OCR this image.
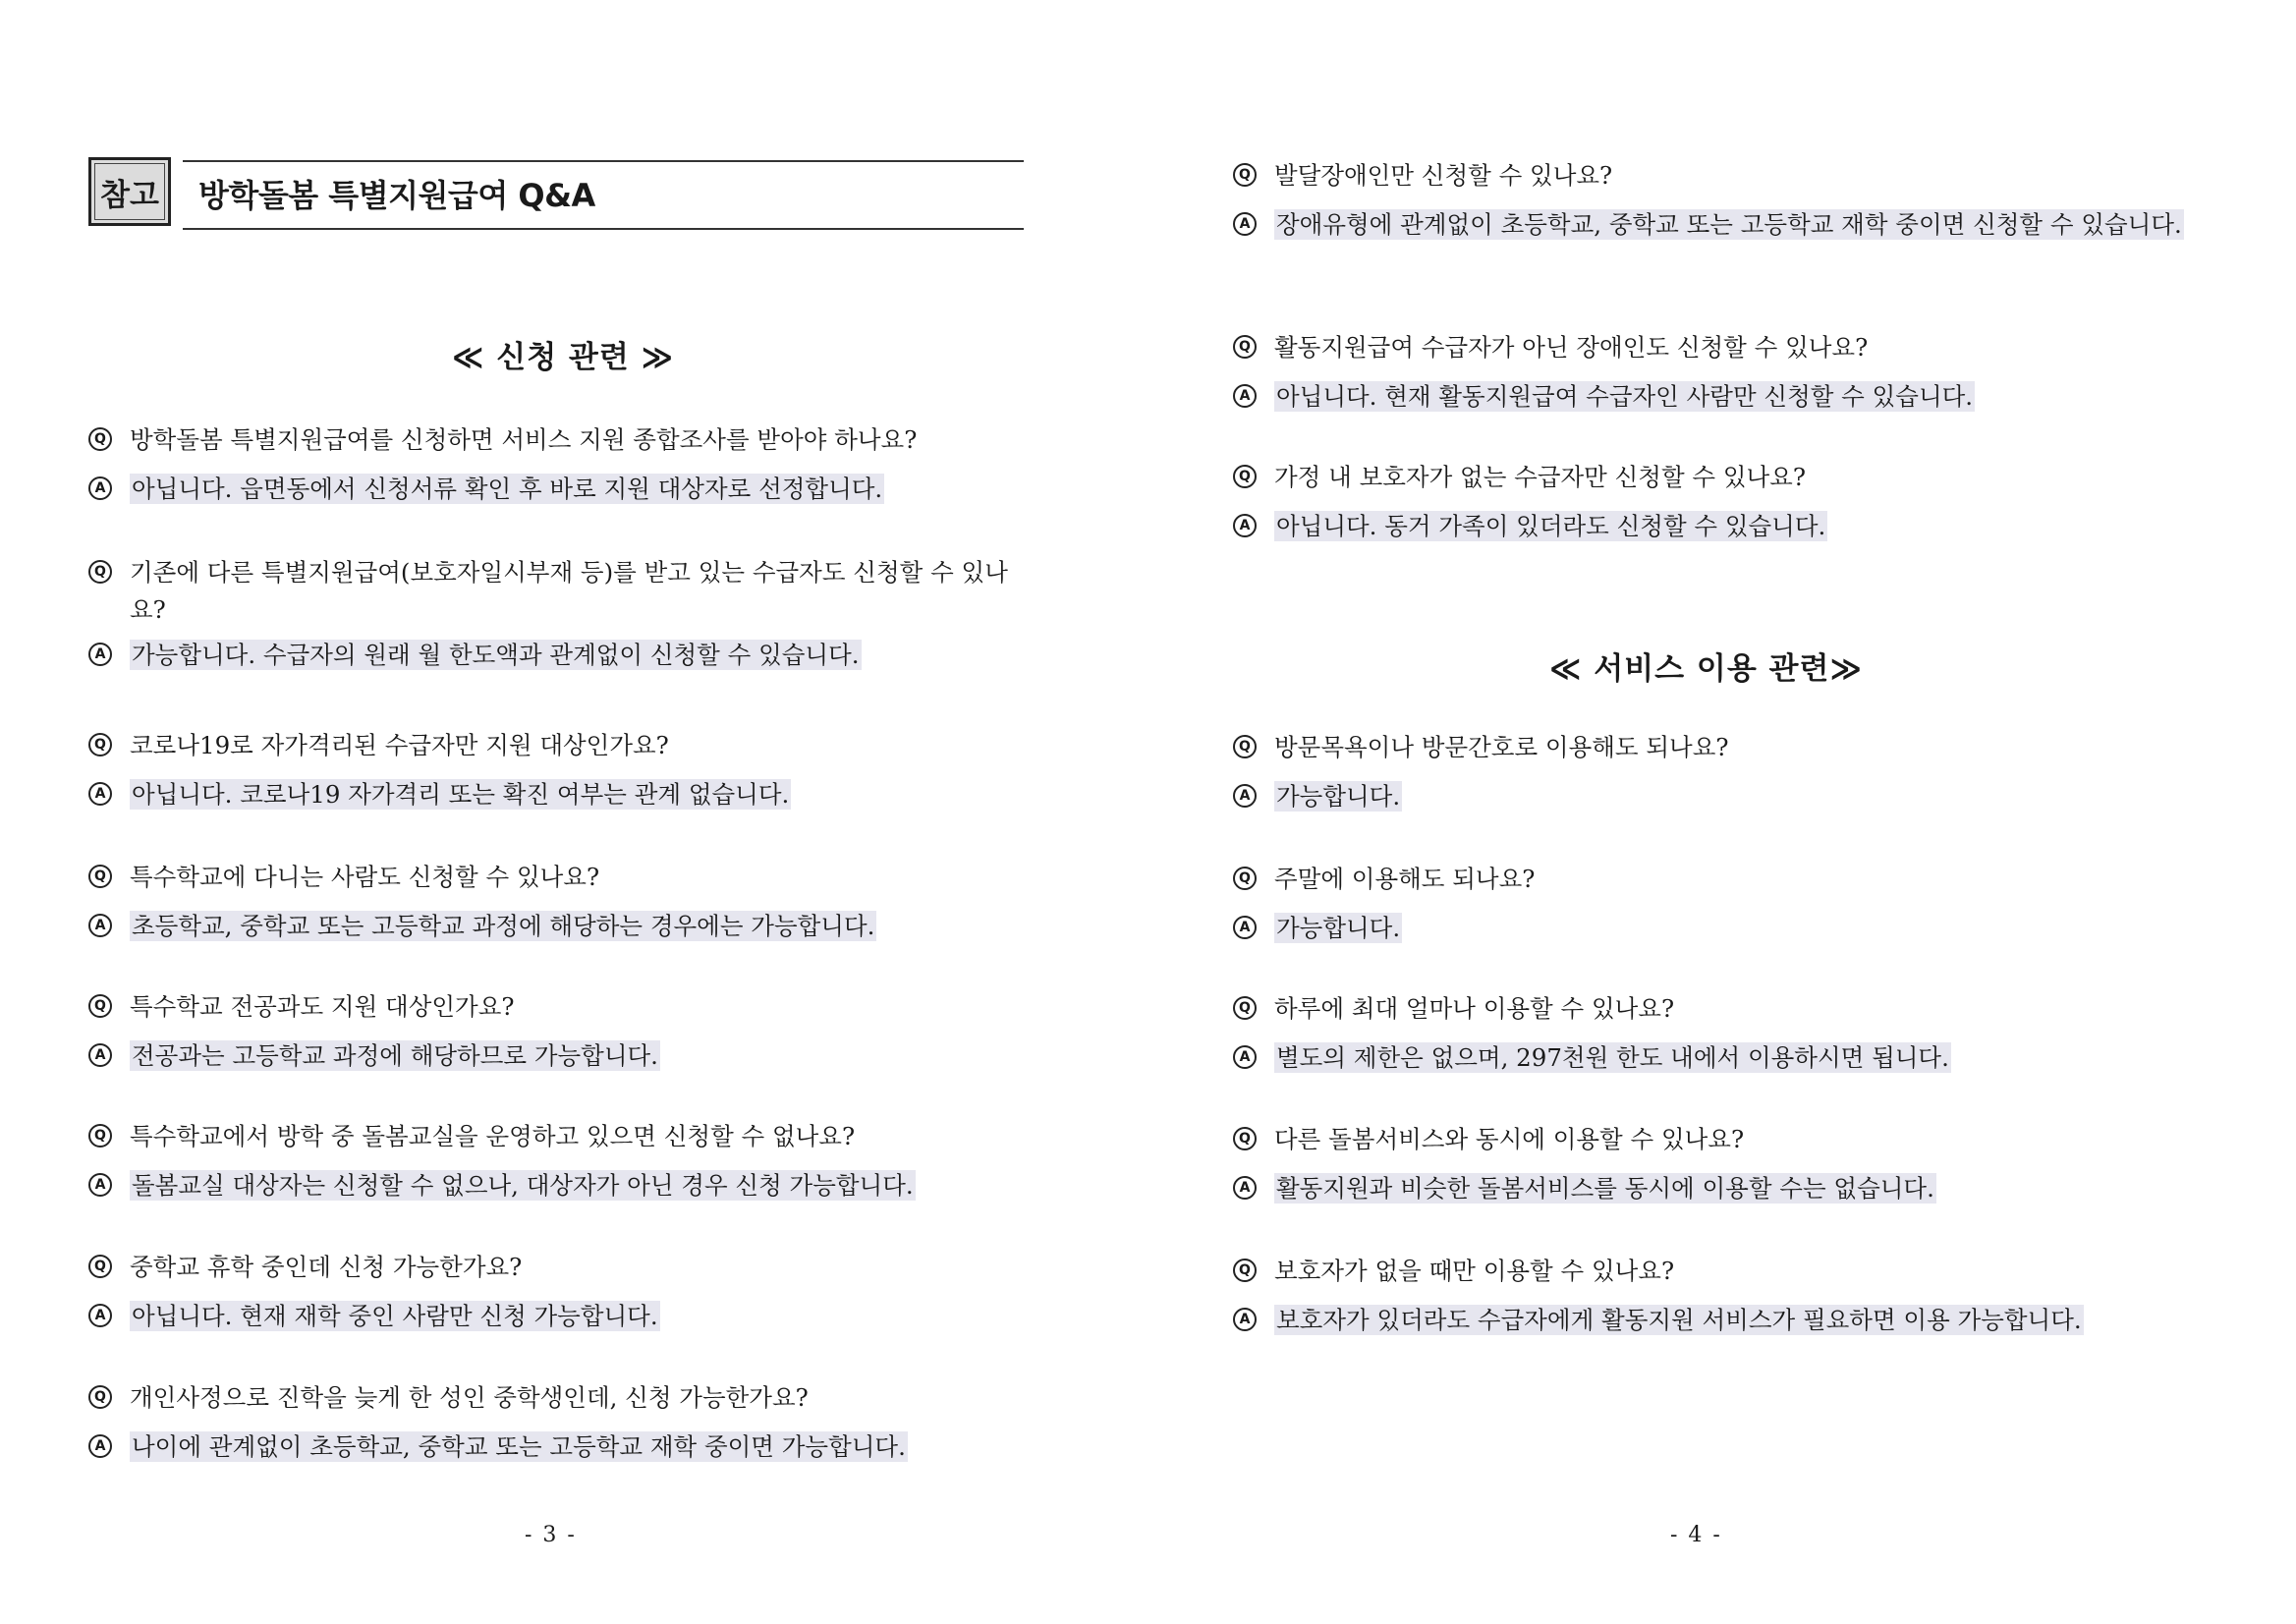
참고 방학돌봄 특별지원급여 Q&A
≪ 신청 관련 ≫
Q 방학돌봄 특별지원급여를 신청하면 서비스 지원 종합조사를 받아야 하나요?
A 아닙니다. 읍면동에서 신청서류 확인 후 바로 지원 대상자로 선정합니다.
Q 기존에 다른 특별지원급여(보호자일시부재 등)를 받고 있는 수급자도 신청할 수 있나요?
A 가능합니다. 수급자의 원래 월 한도액과 관계없이 신청할 수 있습니다.
Q 코로나19로 자가격리된 수급자만 지원 대상인가요?
A 아닙니다. 코로나19 자가격리 또는 확진 여부는 관계 없습니다.
Q 특수학교에 다니는 사람도 신청할 수 있나요?
A 초등학교, 중학교 또는 고등학교 과정에 해당하는 경우에는 가능합니다.
Q 특수학교 전공과도 지원 대상인가요?
A 전공과는 고등학교 과정에 해당하므로 가능합니다.
Q 특수학교에서 방학 중 돌봄교실을 운영하고 있으면 신청할 수 없나요?
A 돌봄교실 대상자는 신청할 수 없으나, 대상자가 아닌 경우 신청 가능합니다.
Q 중학교 휴학 중인데 신청 가능한가요?
A 아닙니다. 현재 재학 중인 사람만 신청 가능합니다.
Q 개인사정으로 진학을 늦게 한 성인 중학생인데, 신청 가능한가요?
A 나이에 관계없이 초등학교, 중학교 또는 고등학교 재학 중이면 가능합니다.
- 3 -
Q 발달장애인만 신청할 수 있나요?
A 장애유형에 관계없이 초등학교, 중학교 또는 고등학교 재학 중이면 신청할 수 있습니다.
Q 활동지원급여 수급자가 아닌 장애인도 신청할 수 있나요?
A 아닙니다. 현재 활동지원급여 수급자인 사람만 신청할 수 있습니다.
Q 가정 내 보호자가 없는 수급자만 신청할 수 있나요?
A 아닙니다. 동거 가족이 있더라도 신청할 수 있습니다.
≪ 서비스 이용 관련≫
Q 방문목욕이나 방문간호로 이용해도 되나요?
A 가능합니다.
Q 주말에 이용해도 되나요?
A 가능합니다.
Q 하루에 최대 얼마나 이용할 수 있나요?
A 별도의 제한은 없으며, 297천원 한도 내에서 이용하시면 됩니다.
Q 다른 돌봄서비스와 동시에 이용할 수 있나요?
A 활동지원과 비슷한 돌봄서비스를 동시에 이용할 수는 없습니다.
Q 보호자가 없을 때만 이용할 수 있나요?
A 보호자가 있더라도 수급자에게 활동지원 서비스가 필요하면 이용 가능합니다.
- 4 -
